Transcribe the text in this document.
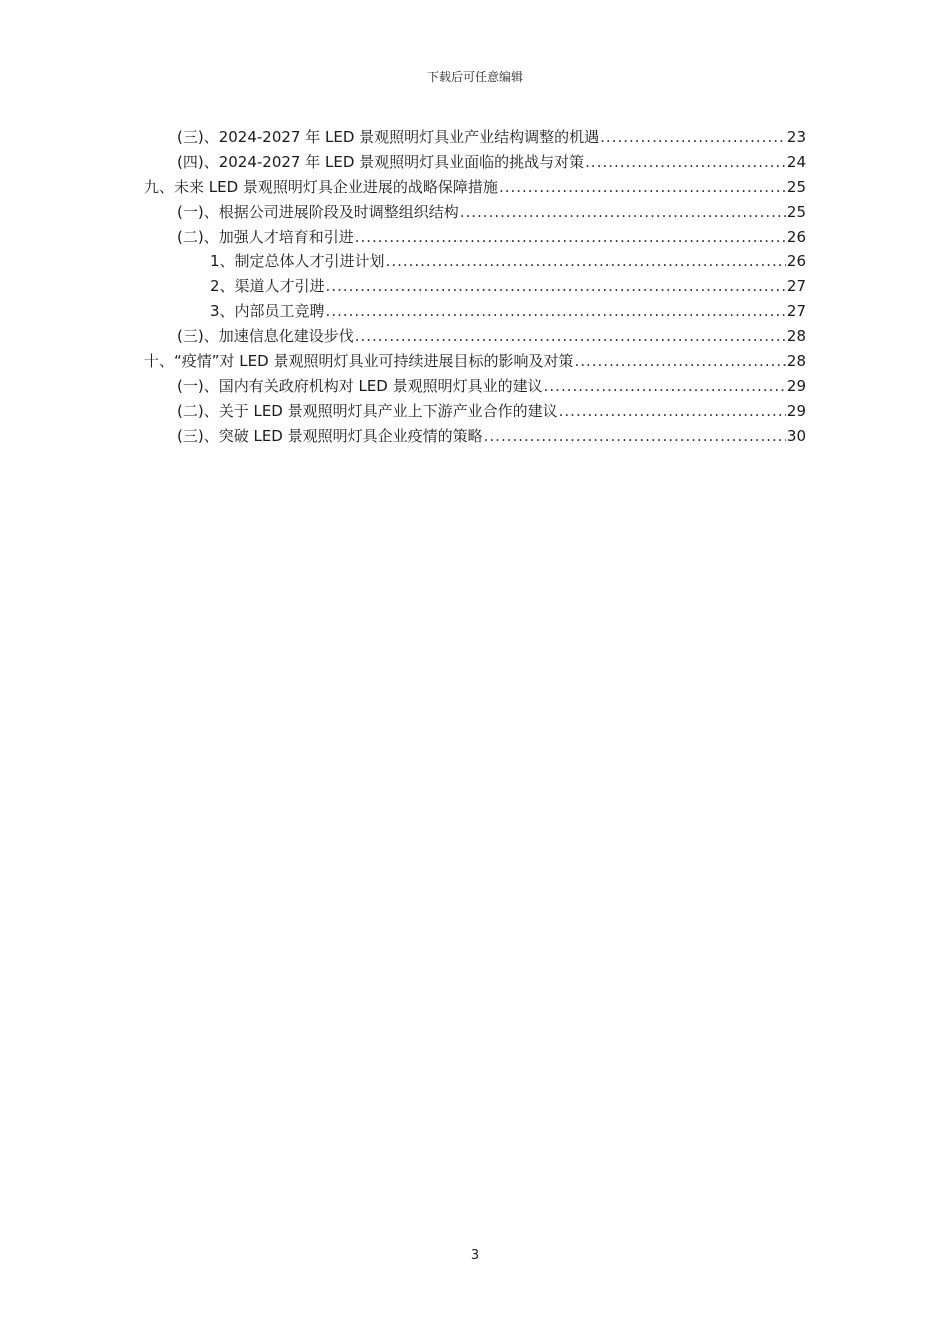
下载后可任意编辑
(三)、2024-2027 年 LED 景观照明灯具业产业结构调整的机遇 .....	23
(四)、2024-2027 年 LED 景观照明灯具业面临的挑战与对策 .....	24
九、未来 LED 景观照明灯具企业进展的战略保障措施 .....	25
(一)、根据公司进展阶段及时调整组织结构 .....	25
(二)、加强人才培育和引进 .....	26
1、制定总体人才引进计划 .....	26
2、渠道人才引进 .....	27
3、内部员工竞聘 .....	27
(三)、加速信息化建设步伐 .....	28
十、“疫情”对 LED 景观照明灯具业可持续进展目标的影响及对策 .....	28
(一)、国内有关政府机构对 LED 景观照明灯具业的建议 .....	29
(二)、关于 LED 景观照明灯具产业上下游产业合作的建议 .....	29
(三)、突破 LED 景观照明灯具企业疫情的策略 .....	30
3
